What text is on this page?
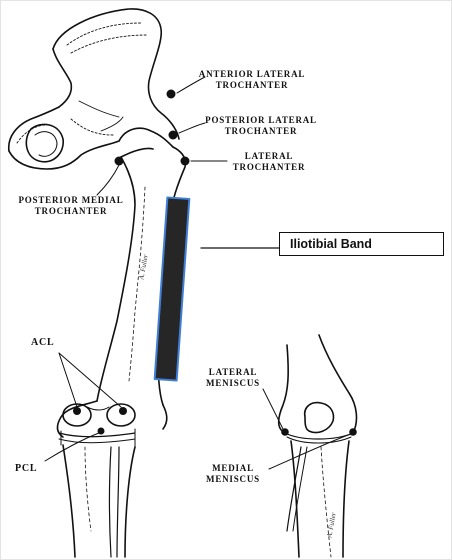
ANTERIOR LATERAL
TROCHANTER
POSTERIOR LATERAL
TROCHANTER
LATERAL
TROCHANTER
POSTERIOR MEDIAL
TROCHANTER
ACL
PCL
LATERAL
MENISCUS
MEDIAL
MENISCUS
Iliotibial Band
A. Fuller
A. Fuller
